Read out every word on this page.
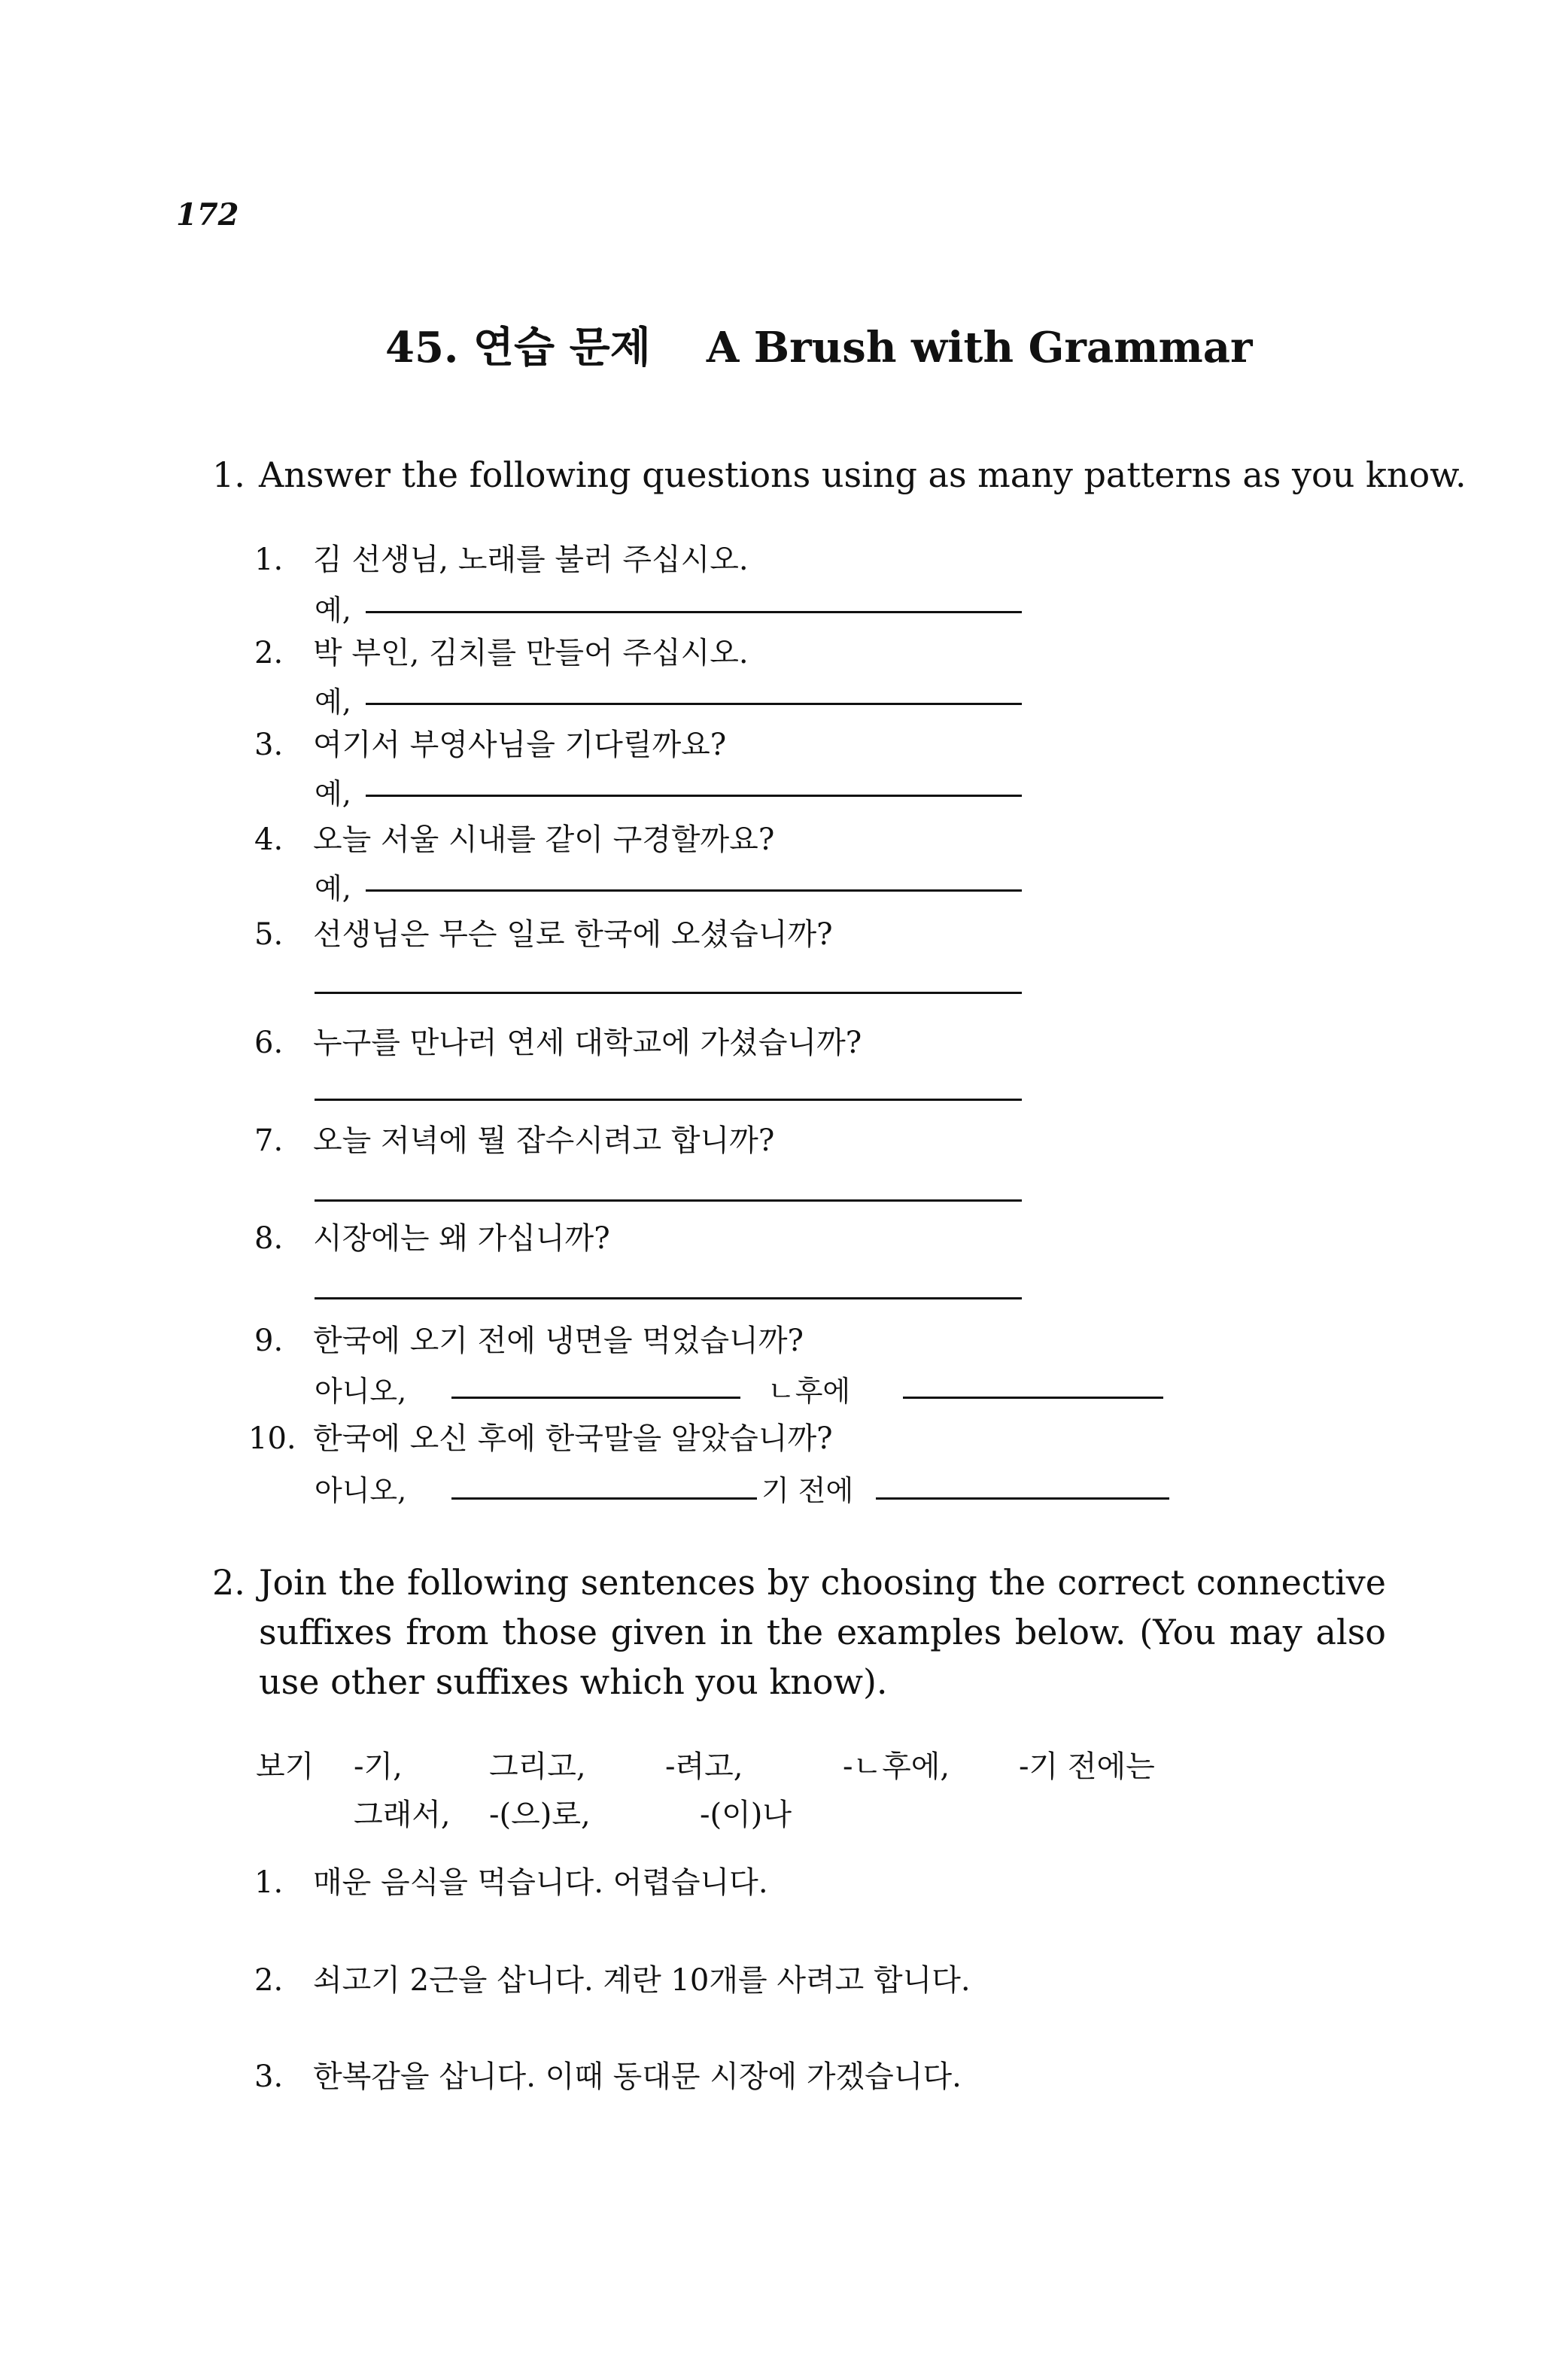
172
45. 연습 문제 A Brush with Grammar
1. Answer the following questions using as many patterns as you know.
1. 김 선생님, 노래를 불러 주십시오.
예,
2. 박 부인, 김치를 만들어 주십시오.
예,
3. 여기서 부영사님을 기다릴까요?
예,
4. 오늘 서울 시내를 같이 구경할까요?
예,
5. 선생님은 무슨 일로 한국에 오셨습니까?
6. 누구를 만나러 연세 대학교에 가셨습니까?
7. 오늘 저녁에 뭘 잡수시려고 합니까?
8. 시장에는 왜 가십니까?
9. 한국에 오기 전에 냉면을 먹었습니까?
아니오,	ㄴ후에
10. 한국에 오신 후에 한국말을 알았습니까?
아니오,	기 전에
2. Join the following sentences by choosing the correct connective suffixes from those given in the examples below. (You may also use other suffixes which you know).
보기 -기,	그리고,	-려고,	-ㄴ후에, -기 전에는
그래서, -(으)로,	-(이)나
1. 매운 음식을 먹습니다. 어렵습니다.
2. 쇠고기 2근을 삽니다. 계란 10개를 사려고 합니다.
3. 한복감을 삽니다. 이때 동대문 시장에 가겠습니다.
